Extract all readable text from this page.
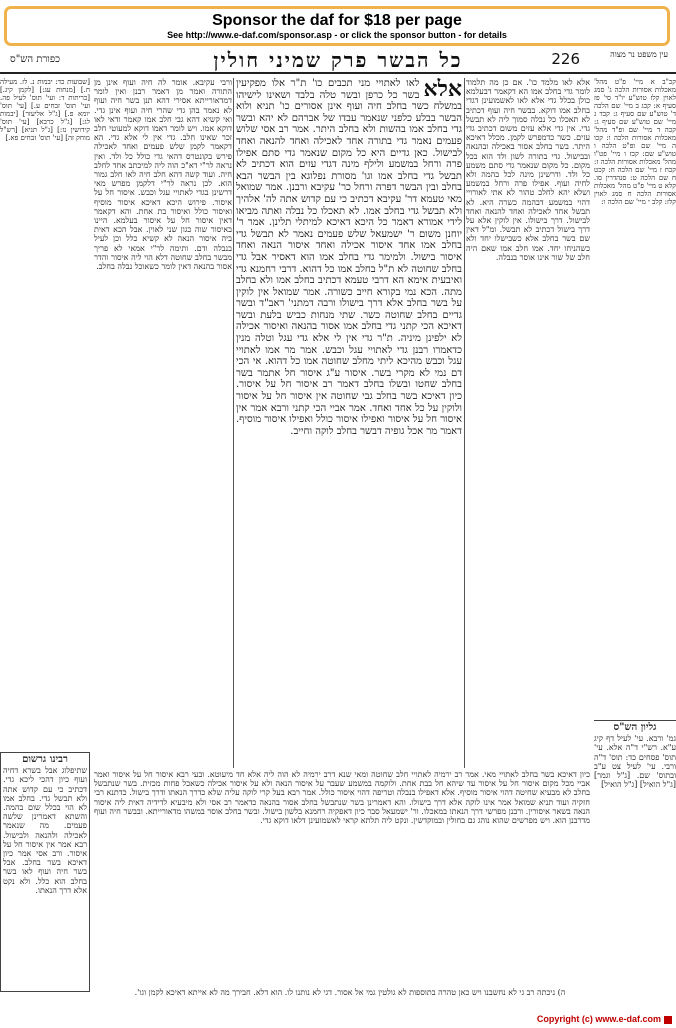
Sponsor the daf for $18 per page
See http://www.e-daf.com/sponsor.asp - or click the sponsor button - for details
כל הבשר פרק שמיני חולין	226
כפורת הש"ס	עין משפט נר מצוה

קכ"ב א מיי' פ"ט מהל' מאכלות אסורות הלכה ג' סמג לאוין קלז טוש"ע יו"ד סי' פז סעיף א: קכג ב מיי' שם הלכה ד' טוש"ע שם סעיף ג: קכד ג מיי' שם טוש"ע שם סעיף ג: קכה ד מיי' שם ופ"ד מהל' מאכלות אסורות הלכה ו: קכו ה מיי' שם ופ"ט הלכה ו טוש"ע שם: קכז ו מיי' פט"ו מהל' מאכלות אסורות הלכה ז: קכח ז מיי' שם הלכה ח: קכט ח שם הלכה ט: סנהדרין סו. קלא ט מיי' פ"ט מהל' מאכלות אסורות הלכה ח סמג לאוין קלז: קלב י מיי' שם הלכה ו:

אלא לאו מלמד כו'. אם כן מה תלמוד לומר גדי בחלב אמו הא דקאמר דבעלמא כולן בכלל גדי אלא לאו לאשמועינן דגדי בחלב אמו דוקא. בבשר חיה ועוף דכתיב לא תאכלו כל נבלה סמוך ליה לא תבשל גדי. אין גדי אלא עזים משום דכתיב גדי עזים. כשר כדמפרש לקמן. מכלל דאיכא היתר. בשר בחלב אסור באכילה ובהנאה ובבישול. גדי בתורה לשון ולד הוא בכל מקום. כל מקום שנאמר גדי סתם משמע כל ולד. ודרשינן מינה לכל בהמה ולא לחיה ועוף. אפילו פרה ורחל במשמע ושלא יהא לחלב טהור לא אתי לאורויי דהוי במשמע דבהמה כשרה היא. לא תבשל אחד לאכילה ואחד להנאה ואחד לבישול. דרך בישולו. אין לוקין אלא על דרך בישול דכתיב לא תבשל. ומ"ל דאין שם בשר בחלב אלא כשבישלו יחד ולא כשהניחו יחד. אמו חלב אמו שאם היה חלב של שור אינו אוסר בנבלה.

אלא

לאו לאתויי מני תכבים כו' ת"ר אלו מפקיעין בשר כל כרפן ובשר טלה בלבד ושאינו לישיהו במשלח כשר בחלב חיה ועוף אינן אסורים כו' תניא ולוא הבשר בבלע כלפני שנאמר עבדו של אברהם לא יהא ובשר גדי בחלב אמו בהשות ולא בחלב היתר. אמר רב אסי שלוש פעמים נאמר גדי בתורה אחד לאכילה ואחד להנאה ואחד לבישול. כאן גדיים היא כל מקום שנאמר גדי סתם אפילו פרה ורחל במשמע ולילף מינה דגדי עזים הוא דכתיב לא תבשל גדי בחלב אמו וגו' מסורת נפלוגא בין הבשר הבא בחלב ובין הבשר דפרה ורחל כר' עקיבא ורבנן. אמר שמואל מאי טעמא דר' עקיבא דכתיב כי עם קדוש אתה לה' אלהיך ולא תבשל גדי בחלב אמו. לא תאכלו כל נבלה ואתה מביאו לידי אמורא דאמר כל היכא דאיכא למיתלי תלינן. אמר ר' יוחנן משום ר' ישמעאל שלש פעמים נאמר לא תבשל גדי בחלב אמו אחד איסור אכילה ואחד איסור הנאה ואחד איסור בישול. ולמימר גדי בחלב אמו הוא דאסיר אבל גדי בחלב שחוטה לא ת"ל בחלב אמו כל דהוא. דרבי רחמנא גדי ואיבעית אימא הא דרבי טעמא דכתיב בחלב אמו ולא בחלב מתה. הכא נמי בקורא חייב כשורה. אמר שמואל אין לוקין על בשר בחלב אלא דרך בישולו ורבה דמתני' ראב"ד ובשר גדיים בחלב שחוטה כשר. שתי מנחות כביש בלעת ובשר דאיכא הכי קתני גדי בחלב אמו אסור בהנאה ואיסור אכילה לא ילפינן מיניה. ת"ר גדי אין לי אלא גדי עגל וטלה מנין כדאמרו רבנן גדי לאתויי עגל וכבש. אמר מר אמו לאתויי עגל וכבש מהיכא ליתי מחלב שחוטה אמו כל דהוא. אי הכי דם נמי לא מקרי בשר. איסור ע"ג איסור חל אתמר בשר בחלב שחטו ובשלו בחלב דאמר רב איסור חל על איסור. כיון דאיכא בשר בחלב גבי שחוטה אין איסור חל על איסור ולוקין על כל אחד ואחד. אמר אביי הכי קתני ורבא אמר אין איסור חל על איסור ואפילו איסור כולל ואפילו איסור מוסיף. דאמר מר אכל גופיה דבשר בחלב לוקה וחייב.

ורבי עקיבא. אומר לה חיה ועוף אינן מן התורה ואמר מן דאמר רבנן ואין לומר דמדאורייתא אסירי דהא תנן בשר חיה ועוף לא נאמר בהן גדי שהרי חיה ועוף אינן גדי. ואי קשיא דהא גבי חלב אמו קאמר ודאי לאו דוקא אמו. ויש לומר דאמו דוקא למעוטי חלב זכר שאינו חלב. גדי אין לי אלא גדי. הא דקאמר לקמן שלש פעמים ואחד לאכילה פירש בקונטרס דהאי גדי כולל כל ולד. ואין נראה לר"י דא"כ הוה ליה למיכתב אחד לחלב חיה. ועוד קשה דהא חלב חיה לאו חלב גמור הוא. לכן נראה לר"י דלקמן מפרש מאי דרשינן בגדי לאתויי עגל וכבש. איסור חל על איסור. פירוש היכא דאיכא איסור מוסיף ואיסור כולל ואיסור בת אחת. והא דקאמר דאין איסור חל על איסור בעלמא. היינו באיסור שוה כגון שני לאוין. אבל הכא דאית ביה איסור הנאה לא קשיא כלל וכן לעיל בנבלה ודם. ותימה לר"י אמאי לא פריך מבשר בחלב שחוטה דלא הוי ליה איסור והדר אסור בהנאה דאין לומר כשאוכל נבלה בחלב.

[שבועות כד: יבמות נ. לז. מעילה ח.] [מנחות עג:] [לקמן קיג.] [כריתות ד: ועי' תוס' לעיל פה. ועי' תוס' זבחים ע.] [עי' תוס' יומא פ.] [ג"ל אליעזר] [יבמות לג:] [ג"ל כרבא] [עי' תוס' קידושין נז:] [ג"ל תניא] [רש"ל מוחק זה] [עי' תוס' זבחים פא.]

גליון הש"ס

גמ' ורבא. עי' לעיל דף קיג ע"א. רש"י ד"ה אלא. עי' תוס' פסחים כד: תוס' ד"ה ורבי. עי' לעיל צט ע"ב ובתוס' שם. [ג"ל וגמר] [ג"ל הואיל] [ג"ל הואיל]

כיון דאיכא בשר בחלב לאתויי מאי. אמר רב ירמיה לאתויי חלב שחוטה ומאי שנא דרב ירמיה לא הוה ליה אלא חד מיעוטא. ובעי רבא איסור חל על איסור ואמר אביי מכל מקום איסור חל על איסור עד שיהא חל בבת אחת. ולוקמה במשמע שעבר על איסור הנאה ולא על איסור אכילה כשאכל פחות מכזית. בשר שנתבשל בחלב לא מבעיא שחיטה דהוי איסור מוסיף. אלא דאפילו בנבלה וטריפה דהוי איסור כולל. אמר רבא בעל קרי לוקה עליה שלא כדרך הנאתו ודרך בישול. כדתנא רבי חזקיה ועוד תניא שמואל אמר אינו לוקה אלא דרך בישולו. והא דאמרינן בשר שנתבשל בחלב אסור בהנאה כדאמר רב אסי ולא מיבעיא לדידיה דאית ליה איסור הנאה בשאר איסורין. ורבנן מפרשי דרך הנאתו במאכלו. ור' ישמעאל סבר כיון דאפקיה רחמנא בלשון בישול. ובשר בחלב אוסר במשהו מדאורייתא. ובבשר חיה ועוף מדרבנן הוא. ויש מפרשים שהוא נוהג גם בחולין ובמוקדשין. ונקט ליה תלתא קראי לאשמועינן דלאו דוקא גדי.

רבינו גרשום

שתיפלוג אבל בשרא דחיה ועוף כיון דהכי ליכא גדי. דכתיב כי עם קדוש אתה ולא תבשל גדי. בחלב אמו לא הוי בכלל שום בהמה. והשתא דאמרינן שלשה פעמים. מה שנאמר לאכילה ולהנאה ולבישול. רבא אמר אין איסור חל על איסור. ורב אסי אמר כיון דאיכא בשר בחלב. אבל בשר חיה ועוף לאו בשר בחלב הוא כלל. ולא נקט אלא דרך הנאתו.

ה) ניכתה רב גי לא נחשבנו ויש כאן טהרה בתוספות לא גולטין גמי אל אסור. דגי לא נותנו לו. הוא דלא. חבירך מה לא אייתא דאיכא לקמן וגו'.
Copyright (c) www.e-daf.com
